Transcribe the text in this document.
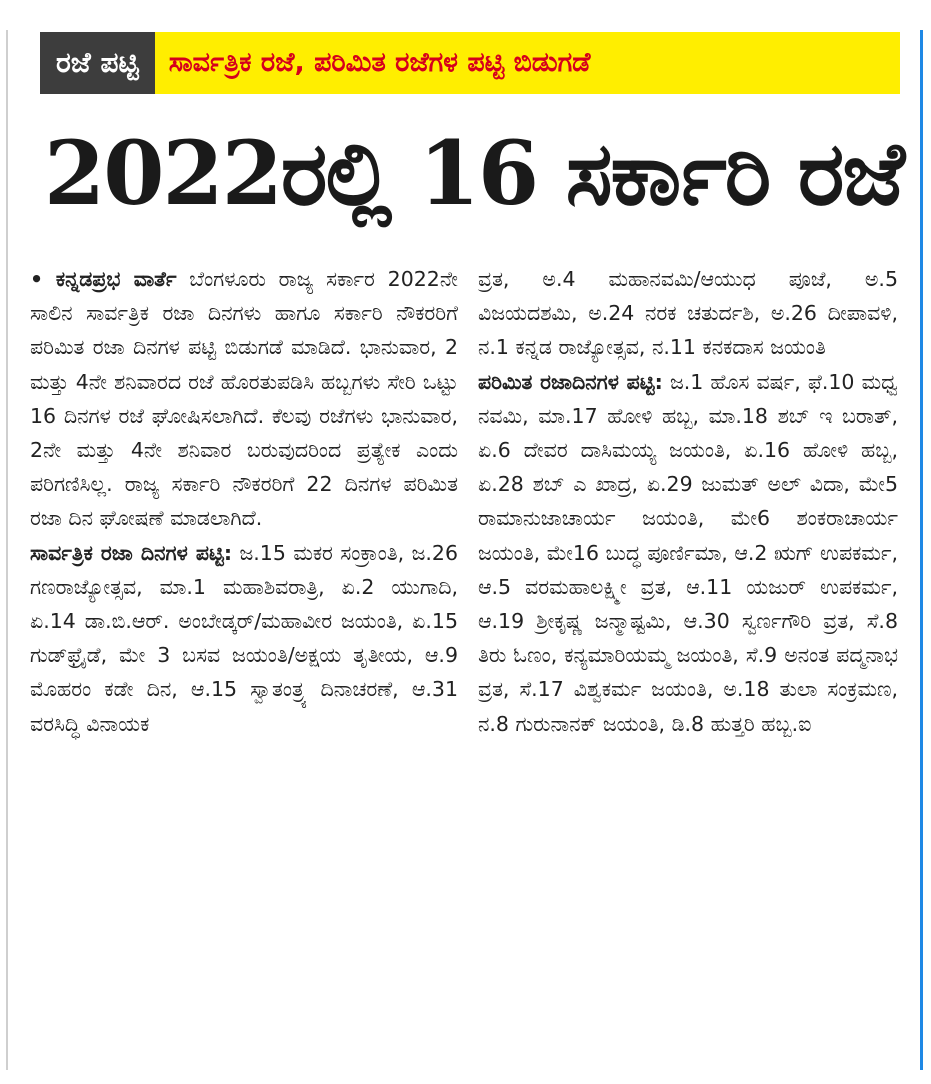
ರಜೆ ಪಟ್ಟಿ	ಸಾರ್ವತ್ರಿಕ ರಜೆ, ಪರಿಮಿತ ರಜೆಗಳ ಪಟ್ಟಿ ಬಿಡುಗಡೆ
2022ರಲ್ಲಿ 16 ಸರ್ಕಾರಿ ರಜೆ

• ಕನ್ನಡಪ್ರಭ ವಾರ್ತೆ ಬೆಂಗಳೂರು ರಾಜ್ಯ ಸರ್ಕಾರ 2022ನೇ ಸಾಲಿನ ಸಾರ್ವತ್ರಿಕ ರಜಾ ದಿನಗಳು ಹಾಗೂ ಸರ್ಕಾರಿ ನೌಕರರಿಗೆ ಪರಿಮಿತ ರಜಾ ದಿನಗಳ ಪಟ್ಟಿ ಬಿಡುಗಡೆ ಮಾಡಿದೆ. ಭಾನುವಾರ, 2 ಮತ್ತು 4ನೇ ಶನಿವಾರದ ರಜೆ ಹೊರತುಪಡಿಸಿ ಹಬ್ಬಗಳು ಸೇರಿ ಒಟ್ಟು 16 ದಿನಗಳ ರಜೆ ಘೋಷಿಸಲಾಗಿದೆ. ಕೆಲವು ರಜೆಗಳು ಭಾನುವಾರ, 2ನೇ ಮತ್ತು 4ನೇ ಶನಿವಾರ ಬರುವುದರಿಂದ ಪ್ರತ್ಯೇಕ ಎಂದು ಪರಿಗಣಿಸಿಲ್ಲ. ರಾಜ್ಯ ಸರ್ಕಾರಿ ನೌಕರರಿಗೆ 22 ದಿನಗಳ ಪರಿಮಿತ ರಜಾ ದಿನ ಘೋಷಣೆ ಮಾಡಲಾಗಿದೆ.

ಸಾರ್ವತ್ರಿಕ ರಜಾ ದಿನಗಳ ಪಟ್ಟಿ: ಜ.15 ಮಕರ ಸಂಕ್ರಾಂತಿ, ಜ.26 ಗಣರಾಜ್ಯೋತ್ಸವ, ಮಾ.1 ಮಹಾಶಿವರಾತ್ರಿ, ಏ.2 ಯುಗಾದಿ, ಏ.14 ಡಾ.ಬಿ.ಆರ್. ಅಂಬೇಡ್ಕರ್/ಮಹಾವೀರ ಜಯಂತಿ, ಏ.15 ಗುಡ್‌ಫ್ರೈಡೆ, ಮೇ 3 ಬಸವ ಜಯಂತಿ/ಅಕ್ಷಯ ತೃತೀಯ, ಆ.9 ಮೊಹರಂ ಕಡೇ ದಿನ, ಆ.15 ಸ್ವಾತಂತ್ರ್ಯ ದಿನಾಚರಣೆ, ಆ.31 ವರಸಿದ್ಧಿ ವಿನಾಯಕ

ವ್ರತ, ಅ.4 ಮಹಾನವಮಿ/ಆಯುಧ ಪೂಜೆ, ಅ.5 ವಿಜಯದಶಮಿ, ಅ.24 ನರಕ ಚತುರ್ದಶಿ, ಅ.26 ದೀಪಾವಳಿ, ನ.1 ಕನ್ನಡ ರಾಜ್ಯೋತ್ಸವ, ನ.11 ಕನಕದಾಸ ಜಯಂತಿ

ಪರಿಮಿತ ರಜಾದಿನಗಳ ಪಟ್ಟಿ: ಜ.1 ಹೊಸ ವರ್ಷ, ಫೆ.10 ಮಧ್ವ ನವಮಿ, ಮಾ.17 ಹೋಳಿ ಹಬ್ಬ, ಮಾ.18 ಶಬ್ ಇ ಬರಾತ್, ಏ.6 ದೇವರ ದಾಸಿಮಯ್ಯ ಜಯಂತಿ, ಏ.16 ಹೋಳಿ ಹಬ್ಬ, ಏ.28 ಶಬ್ ಎ ಖಾದ್ರ, ಏ.29 ಜುಮತ್ ಅಲ್ ವಿದಾ, ಮೇ5 ರಾಮಾನುಜಾಚಾರ್ಯ ಜಯಂತಿ, ಮೇ6 ಶಂಕರಾಚಾರ್ಯ ಜಯಂತಿ, ಮೇ16 ಬುದ್ಧ ಪೂರ್ಣಿಮಾ, ಆ.2 ಋಗ್ ಉಪಕರ್ಮ, ಆ.5 ವರಮಹಾಲಕ್ಷ್ಮೀ ವ್ರತ, ಆ.11 ಯಜುರ್ ಉಪಕರ್ಮ, ಆ.19 ಶ್ರೀಕೃಷ್ಣ ಜನ್ಮಾಷ್ಟಮಿ, ಆ.30 ಸ್ವರ್ಣಗೌರಿ ವ್ರತ, ಸೆ.8 ತಿರು ಓಣಂ, ಕನ್ಯಮಾರಿಯಮ್ಮ ಜಯಂತಿ, ಸೆ.9 ಅನಂತ ಪದ್ಮನಾಭ ವ್ರತ, ಸೆ.17 ವಿಶ್ವಕರ್ಮ ಜಯಂತಿ, ಅ.18 ತುಲಾ ಸಂಕ್ರಮಣ, ನ.8 ಗುರುನಾನಕ್ ಜಯಂತಿ, ಡಿ.8 ಹುತ್ತರಿ ಹಬ್ಬ.ಐ
